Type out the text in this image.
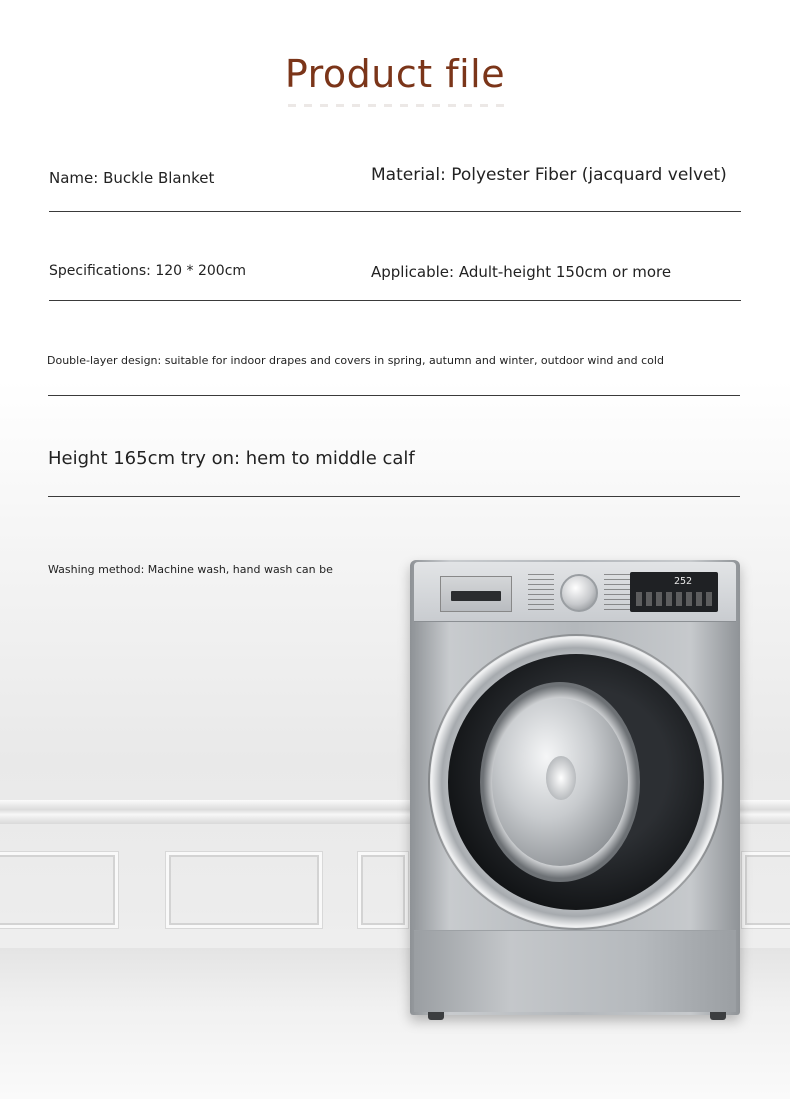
Product file
Name: Buckle Blanket	Material: Polyester Fiber (jacquard velvet)
Specifications: 120 * 200cm	Applicable: Adult-height 150cm or more
Double-layer design: suitable for indoor drapes and covers in spring, autumn and winter, outdoor wind and cold
Height 165cm try on: hem to middle calf
Washing method: Machine wash, hand wash can be
252
